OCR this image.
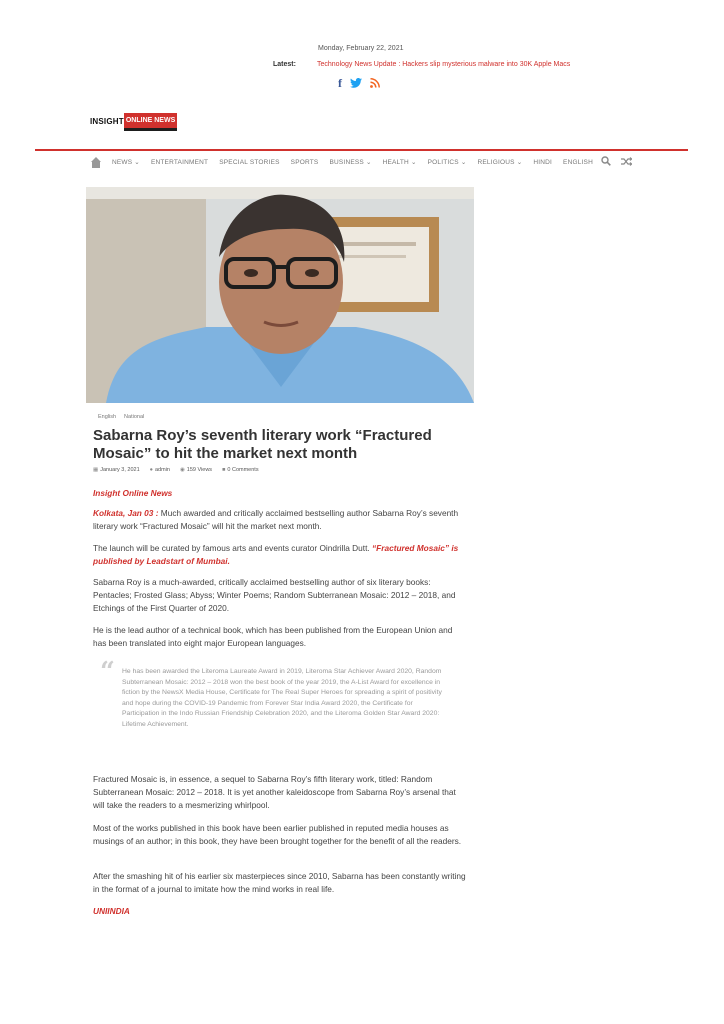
Monday, February 22, 2021
Latest:	Technology News Update : Hackers slip mysterious malware into 30K Apple Macs
f
INSIGHT ONLINE NEWS
NEWS ⌄ ENTERTAINMENT SPECIAL STORIES SPORTS BUSINESS ⌄ HEALTH ⌄ POLITICS ⌄ RELIGIOUS ⌄ HINDI ENGLISH
English National
Sabarna Roy’s seventh literary work “Fractured Mosaic” to hit the market next month
▦ January 3, 2021 ● admin ◉ 159 Views ■ 0 Comments
Insight Online News
Kolkata, Jan 03 : Much awarded and critically acclaimed bestselling author Sabarna Roy’s seventh literary work “Fractured Mosaic” will hit the market next month.
The launch will be curated by famous arts and events curator Oindrilla Dutt. “Fractured Mosaic” is published by Leadstart of Mumbai.
Sabarna Roy is a much-awarded, critically acclaimed bestselling author of six literary books: Pentacles; Frosted Glass; Abyss; Winter Poems; Random Subterranean Mosaic: 2012 – 2018, and Etchings of the First Quarter of 2020.
He is the lead author of a technical book, which has been published from the European Union and has been translated into eight major European languages.
“ He has been awarded the Literoma Laureate Award in 2019, Literoma Star Achiever Award 2020, Random Subterranean Mosaic: 2012 – 2018 won the best book of the year 2019, the A-List Award for excellence in fiction by the NewsX Media House, Certificate for The Real Super Heroes for spreading a spirit of positivity and hope during the COVID-19 Pandemic from Forever Star India Award 2020, the Certificate for Participation in the Indo Russian Friendship Celebration 2020, and the Literoma Golden Star Award 2020: Lifetime Achievement.
Fractured Mosaic is, in essence, a sequel to Sabarna Roy’s fifth literary work, titled: Random Subterranean Mosaic: 2012 – 2018. It is yet another kaleidoscope from Sabarna Roy’s arsenal that will take the readers to a mesmerizing whirlpool.
Most of the works published in this book have been earlier published in reputed media houses as musings of an author; in this book, they have been brought together for the benefit of all the readers.
After the smashing hit of his earlier six masterpieces since 2010, Sabarna has been constantly writing in the format of a journal to imitate how the mind works in real life.
UNIINDIA
